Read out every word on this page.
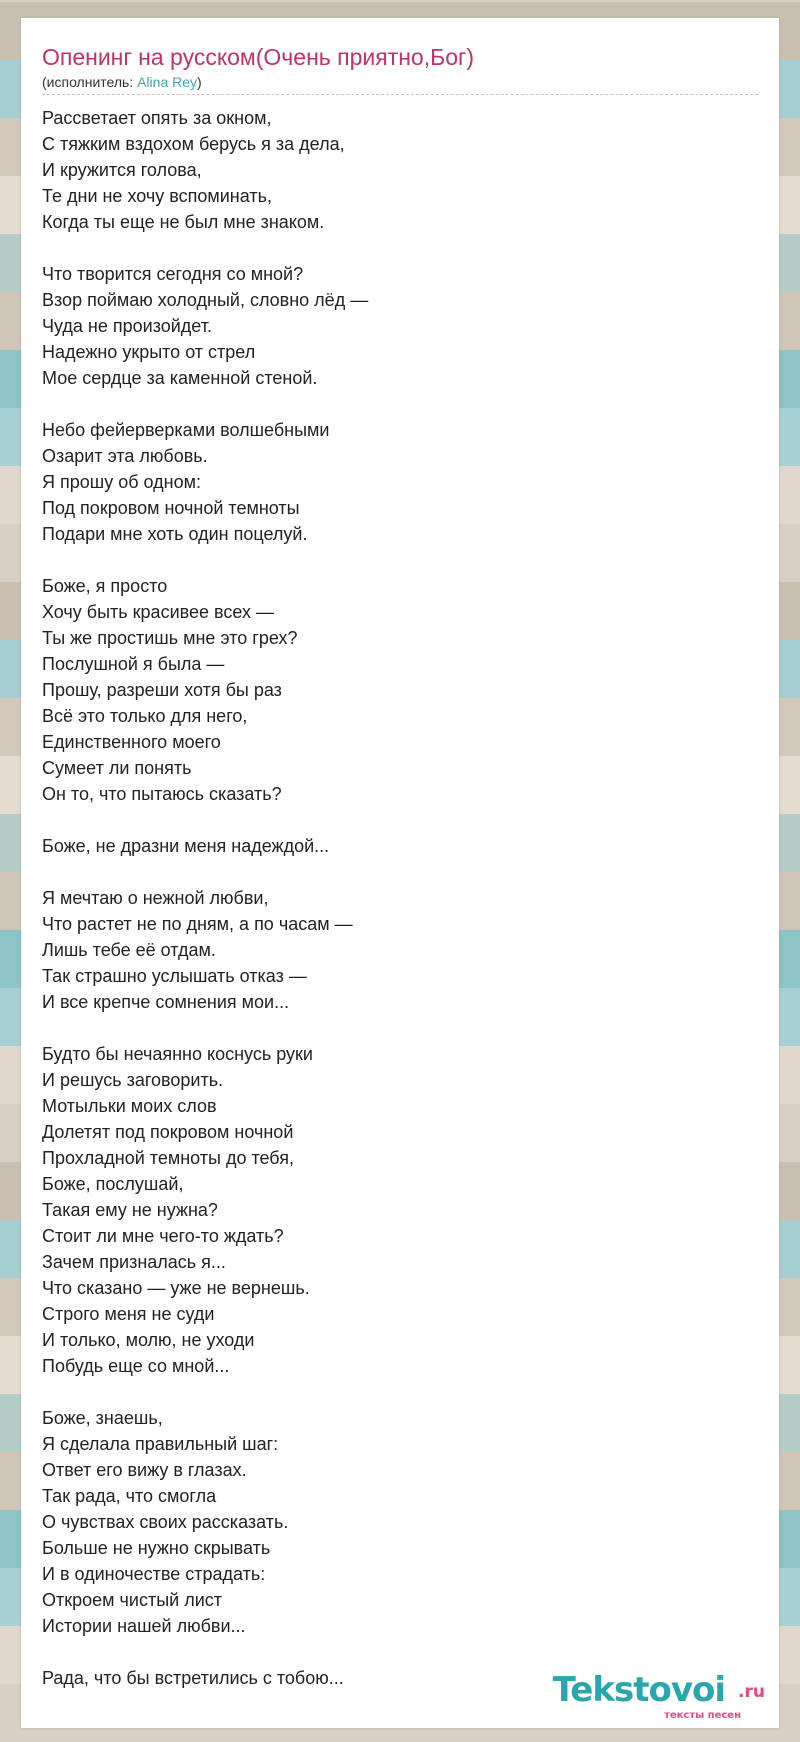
Опенинг на русском(Очень приятно,Бог)
(исполнитель: Alina Rey)
Рассветает опять за окном,
С тяжким вздохом берусь я за дела,
И кружится голова,
Те дни не хочу вспоминать,
Когда ты еще не был мне знаком.
Что творится сегодня со мной?
Взор поймаю холодный, словно лёд —
Чуда не произойдет.
Надежно укрыто от стрел
Мое сердце за каменной стеной.
Небо фейерверками волшебными
Озарит эта любовь.
Я прошу об одном:
Под покровом ночной темноты
Подари мне хоть один поцелуй.
Боже, я просто
Хочу быть красивее всех —
Ты же простишь мне это грех?
Послушной я была —
Прошу, разреши хотя бы раз
Всё это только для него,
Единственного моего
Сумеет ли понять
Он то, что пытаюсь сказать?
Боже, не дразни меня надеждой...
Я мечтаю о нежной любви,
Что растет не по дням, а по часам —
Лишь тебе её отдам.
Так страшно услышать отказ —
И все крепче сомнения мои...
Будто бы нечаянно коснусь руки
И решусь заговорить.
Мотыльки моих слов
Долетят под покровом ночной
Прохладной темноты до тебя,
Боже, послушай,
Такая ему не нужна?
Стоит ли мне чего-то ждать?
Зачем призналась я...
Что сказано — уже не вернешь.
Строго меня не суди
И только, молю, не уходи
Побудь еще со мной...
Боже, знаешь,
Я сделала правильный шаг:
Ответ его вижу в глазах.
Так рада, что смогла
О чувствах своих рассказать.
Больше не нужно скрывать
И в одиночестве страдать:
Откроем чистый лист
Истории нашей любви...
Рада, что бы встретились с тобою...	Tekstovoi .ru
тексты песен
